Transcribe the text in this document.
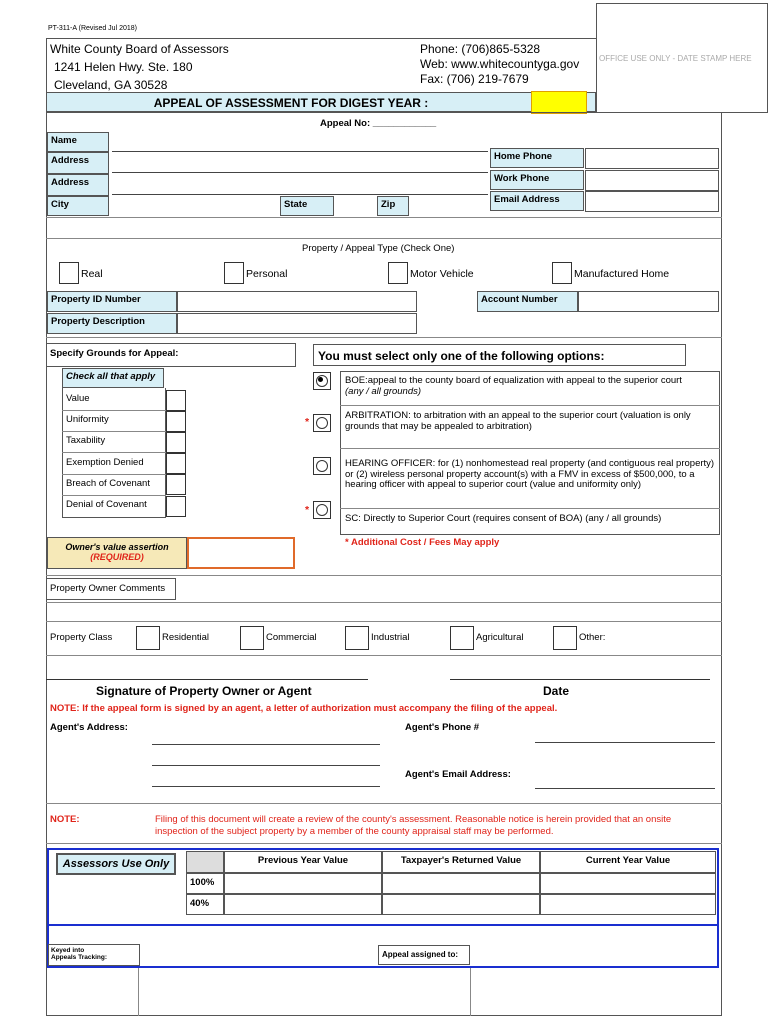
PT-311-A (Revised Jul 2018)
White County Board of Assessors
1241 Helen Hwy. Ste. 180
Cleveland, GA 30528
Phone: (706)865-5328
Web: www.whitecountyga.gov
Fax: (706) 219-7679
OFFICE USE ONLY - DATE STAMP HERE
APPEAL OF ASSESSMENT FOR DIGEST YEAR :
Appeal No: ____________
Name
Address
Address
City	State	Zip
Home Phone
Work Phone
Email Address
Property / Appeal Type (Check One)
Real	Personal	Motor Vehicle	Manufactured Home
Property ID Number	Account Number
Property Description
Specify Grounds for Appeal:
Check all that apply
Value
Uniformity
Taxability
Exemption Denied
Breach of Covenant
Denial of Covenant
You must select only one of the following options:
BOE:appeal to the county board of equalization with appeal to the superior court
(any / all grounds)
*
ARBITRATION: to arbitration with an appeal to the superior court (valuation is only grounds that may be appealed to arbitration)
HEARING OFFICER: for (1) nonhomestead real property (and contiguous real property) or (2) wireless personal property account(s) with a FMV in excess of $500,000, to a hearing officer with appeal to superior court (value and uniformity only)
*
SC: Directly to Superior Court (requires consent of BOA) (any / all grounds)
* Additional Cost / Fees May apply
Owner's value assertion
(REQUIRED)
Property Owner Comments
Property Class	Residential	Commercial	Industrial	Agricultural	Other:
Signature of Property Owner or Agent	Date
NOTE: If the appeal form is signed by an agent, a letter of authorization must accompany the filing of the appeal.
Agent's Address:	Agent's Phone #
Agent's Email Address:
NOTE:	Filing of this document will create a review of the county's assessment. Reasonable notice is herein provided that an onsite
inspection of the subject property by a member of the county appraisal staff may be performed.
Assessors Use Only	Previous Year Value	Taxpayer's Returned Value	Current Year Value
100%
40%
Keyed into
Appeals Tracking:	Appeal assigned to:
